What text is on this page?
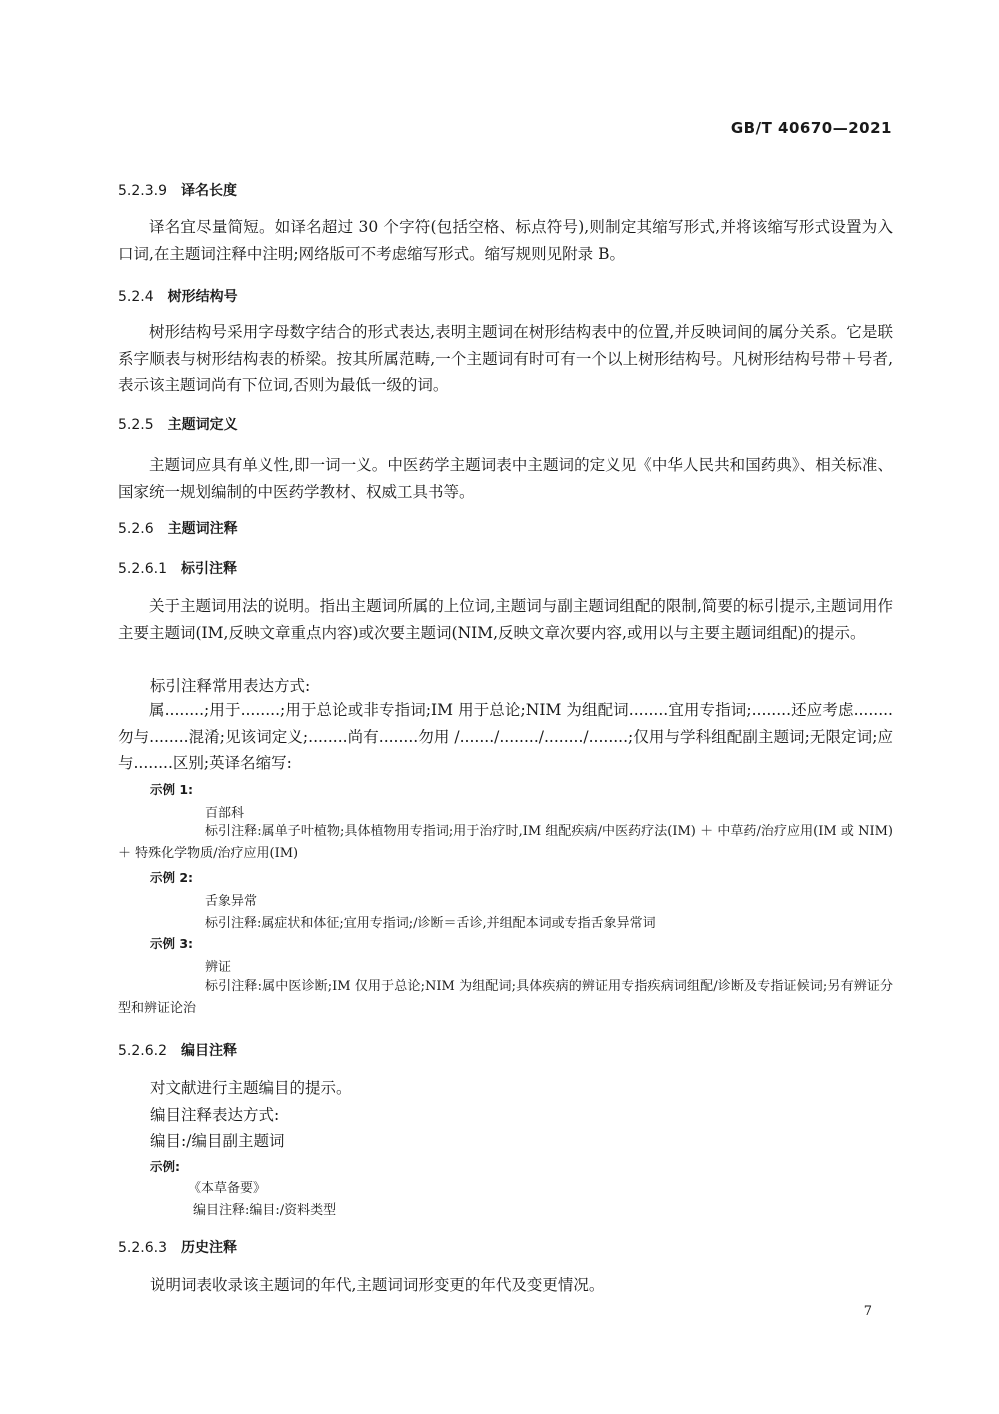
GB/T 40670—2021
5.2.3.9 译名长度
译名宜尽量简短。如译名超过 30 个字符(包括空格、标点符号),则制定其缩写形式,并将该缩写形式设置为入口词,在主题词注释中注明;网络版可不考虑缩写形式。缩写规则见附录 B。
5.2.4 树形结构号
树形结构号采用字母数字结合的形式表达,表明主题词在树形结构表中的位置,并反映词间的属分关系。它是联系字顺表与树形结构表的桥梁。按其所属范畴,一个主题词有时可有一个以上树形结构号。凡树形结构号带＋号者,表示该主题词尚有下位词,否则为最低一级的词。
5.2.5 主题词定义
主题词应具有单义性,即一词一义。中医药学主题词表中主题词的定义见《中华人民共和国药典》、相关标准、国家统一规划编制的中医药学教材、权威工具书等。
5.2.6 主题词注释
5.2.6.1 标引注释
关于主题词用法的说明。指出主题词所属的上位词,主题词与副主题词组配的限制,简要的标引提示,主题词用作主要主题词(IM,反映文章重点内容)或次要主题词(NIM,反映文章次要内容,或用以与主要主题词组配)的提示。
标引注释常用表达方式:
属........;用于........;用于总论或非专指词;IM 用于总论;NIM 为组配词........宜用专指词;........还应考虑........勿与........混淆;见该词定义;........尚有........勿用 /......./......../......../........;仅用与学科组配副主题词;无限定词;应与........区别;英译名缩写:
示例 1:
百部科
标引注释:属单子叶植物;具体植物用专指词;用于治疗时,IM 组配疾病/中医药疗法(IM) ＋ 中草药/治疗应用(IM 或 NIM) ＋ 特殊化学物质/治疗应用(IM)
示例 2:
舌象异常
标引注释:属症状和体征;宜用专指词;/诊断＝舌诊,并组配本词或专指舌象异常词
示例 3:
辨证
标引注释:属中医诊断;IM 仅用于总论;NIM 为组配词;具体疾病的辨证用专指疾病词组配/诊断及专指证候词;另有辨证分型和辨证论治
5.2.6.2 编目注释
对文献进行主题编目的提示。
编目注释表达方式:
编目:/编目副主题词
示例:
《本草备要》
编目注释:编目:/资料类型
5.2.6.3 历史注释
说明词表收录该主题词的年代,主题词词形变更的年代及变更情况。
7
